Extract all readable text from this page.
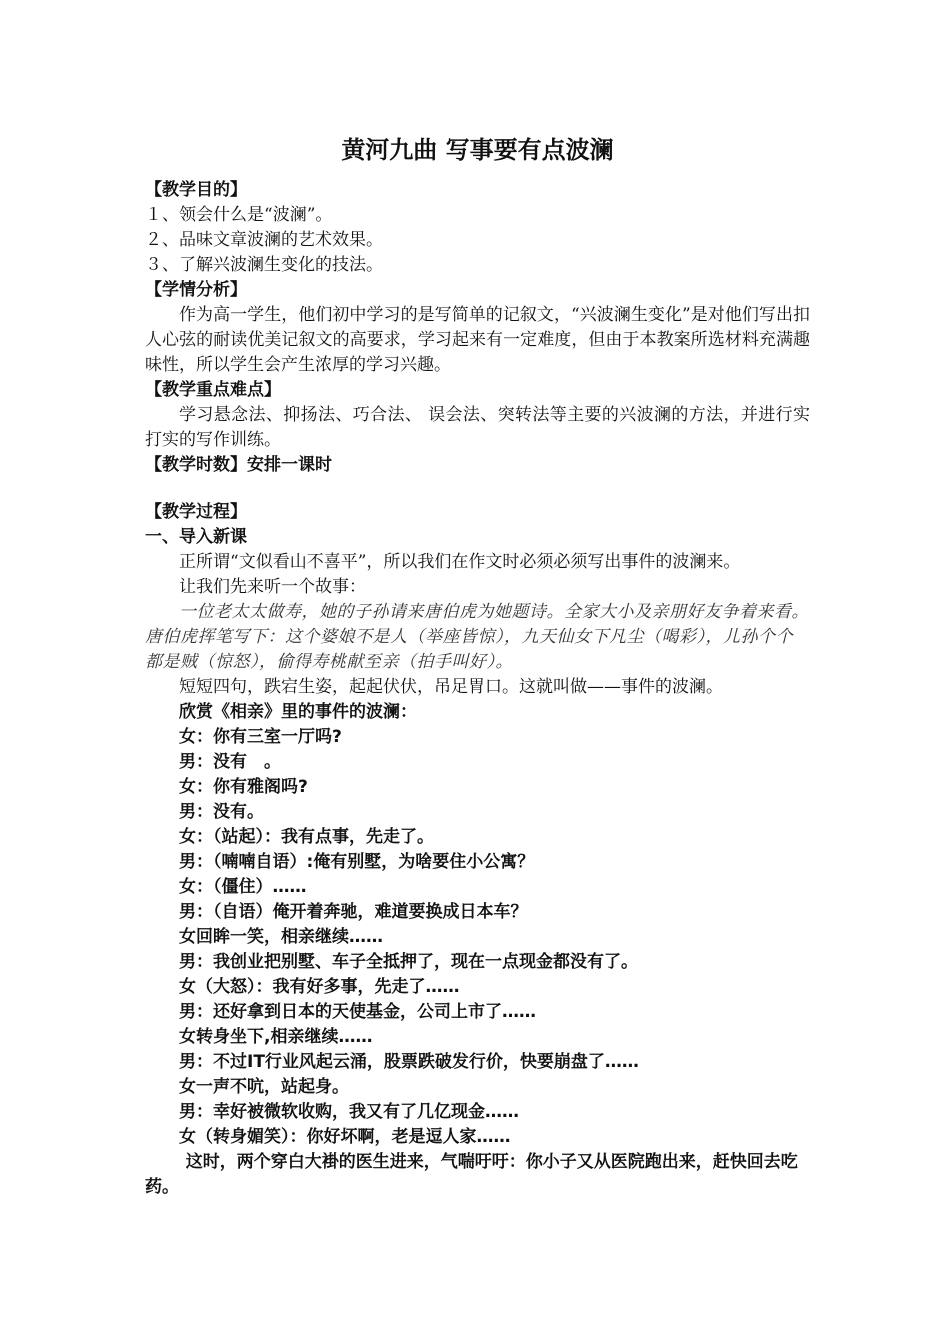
黄河九曲 写事要有点波澜
【教学目的】
１、领会什么是“波澜”。
２、品味文章波澜的艺术效果。
３、了解兴波澜生变化的技法。
【学情分析】
作为高一学生，他们初中学习的是写简单的记叙文，“兴波澜生变化”是对他们写出扣人心弦的耐读优美记叙文的高要求，学习起来有一定难度，但由于本教案所选材料充满趣味性，所以学生会产生浓厚的学习兴趣。
【教学重点难点】
学习悬念法、抑扬法、巧合法、 误会法、突转法等主要的兴波澜的方法，并进行实打实的写作训练。
【教学时数】安排一课时
【教学过程】
一、导入新课
正所谓“文似看山不喜平”，所以我们在作文时必须必须写出事件的波澜来。
让我们先来听一个故事：
一位老太太做寿，她的子孙请来唐伯虎为她题诗。全家大小及亲朋好友争着来看。唐伯虎挥笔写下：这个婆娘不是人（举座皆惊），九天仙女下凡尘（喝彩），儿孙个个都是贼（惊怒），偷得寿桃献至亲（拍手叫好）。
短短四句，跌宕生姿，起起伏伏，吊足胃口。这就叫做——事件的波澜。
欣赏《相亲》里的事件的波澜：
女：你有三室一厅吗?
男：没有　。
女：你有雅阁吗?
男：没有。
女：（站起）：我有点事，先走了。
男：（喃喃自语）:俺有别墅，为啥要住小公寓？
女：（僵住）……
男：（自语）俺开着奔驰，难道要换成日本车？
女回眸一笑，相亲继续……
男：我创业把别墅、车子全抵押了，现在一点现金都没有了。
女（大怒）：我有好多事，先走了……
男：还好拿到日本的天使基金，公司上市了……
女转身坐下,相亲继续……
男：不过IT行业风起云涌，股票跌破发行价，快要崩盘了……
女一声不吭，站起身。
男：幸好被微软收购，我又有了几亿现金……
女（转身媚笑）：你好坏啊，老是逗人家……
这时，两个穿白大褂的医生进来，气喘吁吁：你小子又从医院跑出来，赶快回去吃药。
